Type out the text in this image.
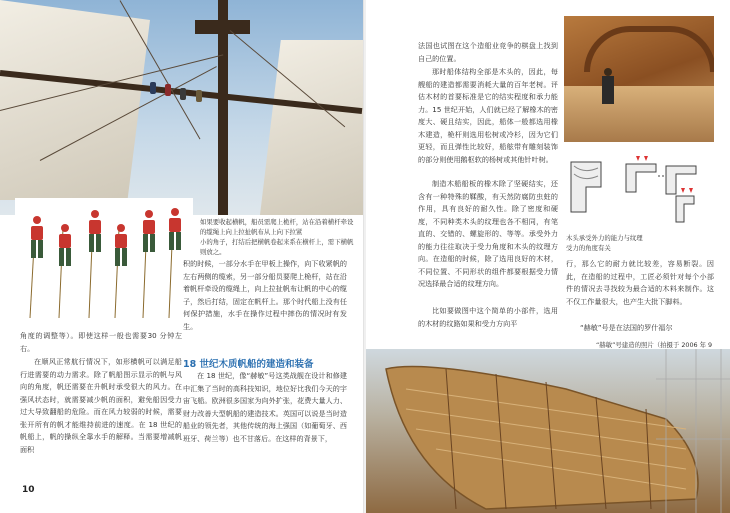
如果要收起横帆，船员需爬上桅杆，站在沿着横杆牵设的缆绳上向上拉扯帆布从上向下拉紧
小的角子，打结后把横帆卷起来系在横杆上，需下横帆则放之。
角度的调整等）。即使这样一般也需要30 分钟左右。
在顺风正常航行情况下，如形横帆可以满足船行进需要的动力需求。除了帆船图示显示的帆与风向的角度，帆还需要在升帆时承受很大的风力。在强风状态时，就需要减少帆的面积，避免船因受力过大导致翻船的危险。而在风力较弱的时候，需要张开所有的帆才能维持前进的速度。在 18 世纪的帆船上，帆的操纵全靠水手的解释。当需要增减帆面积
积的时候，一部分水手在甲板上操作，向下收紧帆的左右两侧的缆索，另一部分船员要爬上桅杆，站在沿着帆杆牵设的缆绳上，向上拉扯帆布让帆的中心的缆子，然后打结，固定在帆杆上。那个时代船上没有任何保护措施，水手在操作过程中摔伤的情况时有发生。
18 世纪木质帆船的建造和装备
在 18 世纪，像“赫敏”号这类战舰在设计和修建中汇集了当时的高科技知识，地位好比我们今天的宇宙飞船。欧洲很多国家为向外扩张，花费大量人力、财力改善大型帆船的建造技术。英国可以说是当时造船业的领先者，其他传统的海上强国（如葡萄牙、西班牙、荷兰等）也不甘落后。在这样的背景下，
10
法国也试图在这个造船业竞争的棋盘上找到自己的位置。
那时船体结构全部是木头的，因此，每艘船的建造都需要消耗大量的百年老树。评估木材的首要标准是它的结实程度和承力能力。15 世纪开始，人们就已经了解橡木的密度大、硬且结实，因此，船体一般都选用橡木建造，桅杆则选用松树或冷杉，因为它们更轻，而且弹性比较好，船舷带有雕刻装饰的部分则使用鹅枢软的杨树或其他针叶树。
制造木船船板的橡木除了坚硬结实，还含有一种特殊的鞣酸，有天然防腐防虫蛀的作用，具有良好的耐久性。除了密度和硬度，不同种类木头的纹理也各不相同，有笔直的、交错的、螺旋形的、等等。承受外力的能力往往取决于受力角度和木头的纹理方向。在造船的时候，除了选用良好的木材，不同位置、不同形状的组件都要根据受力情况选择最合适的纹理方向。
比如要做图中这个简单的小部件，选用的木材的纹路如果和受力方向平
木头承受外力的能力与纹理受力的角度有关
行，那么它的耐力就比较差，容易断裂。因此，在造船的过程中，工匠必须针对每个小部件的情况去寻找较为最合适的木料来制作。这不仅工作量很大，也产生大批下脚料。
“赫敏”号是在法国的罗什福尔
“赫敏”号建造的照片（拍摄于 2006 年 9
